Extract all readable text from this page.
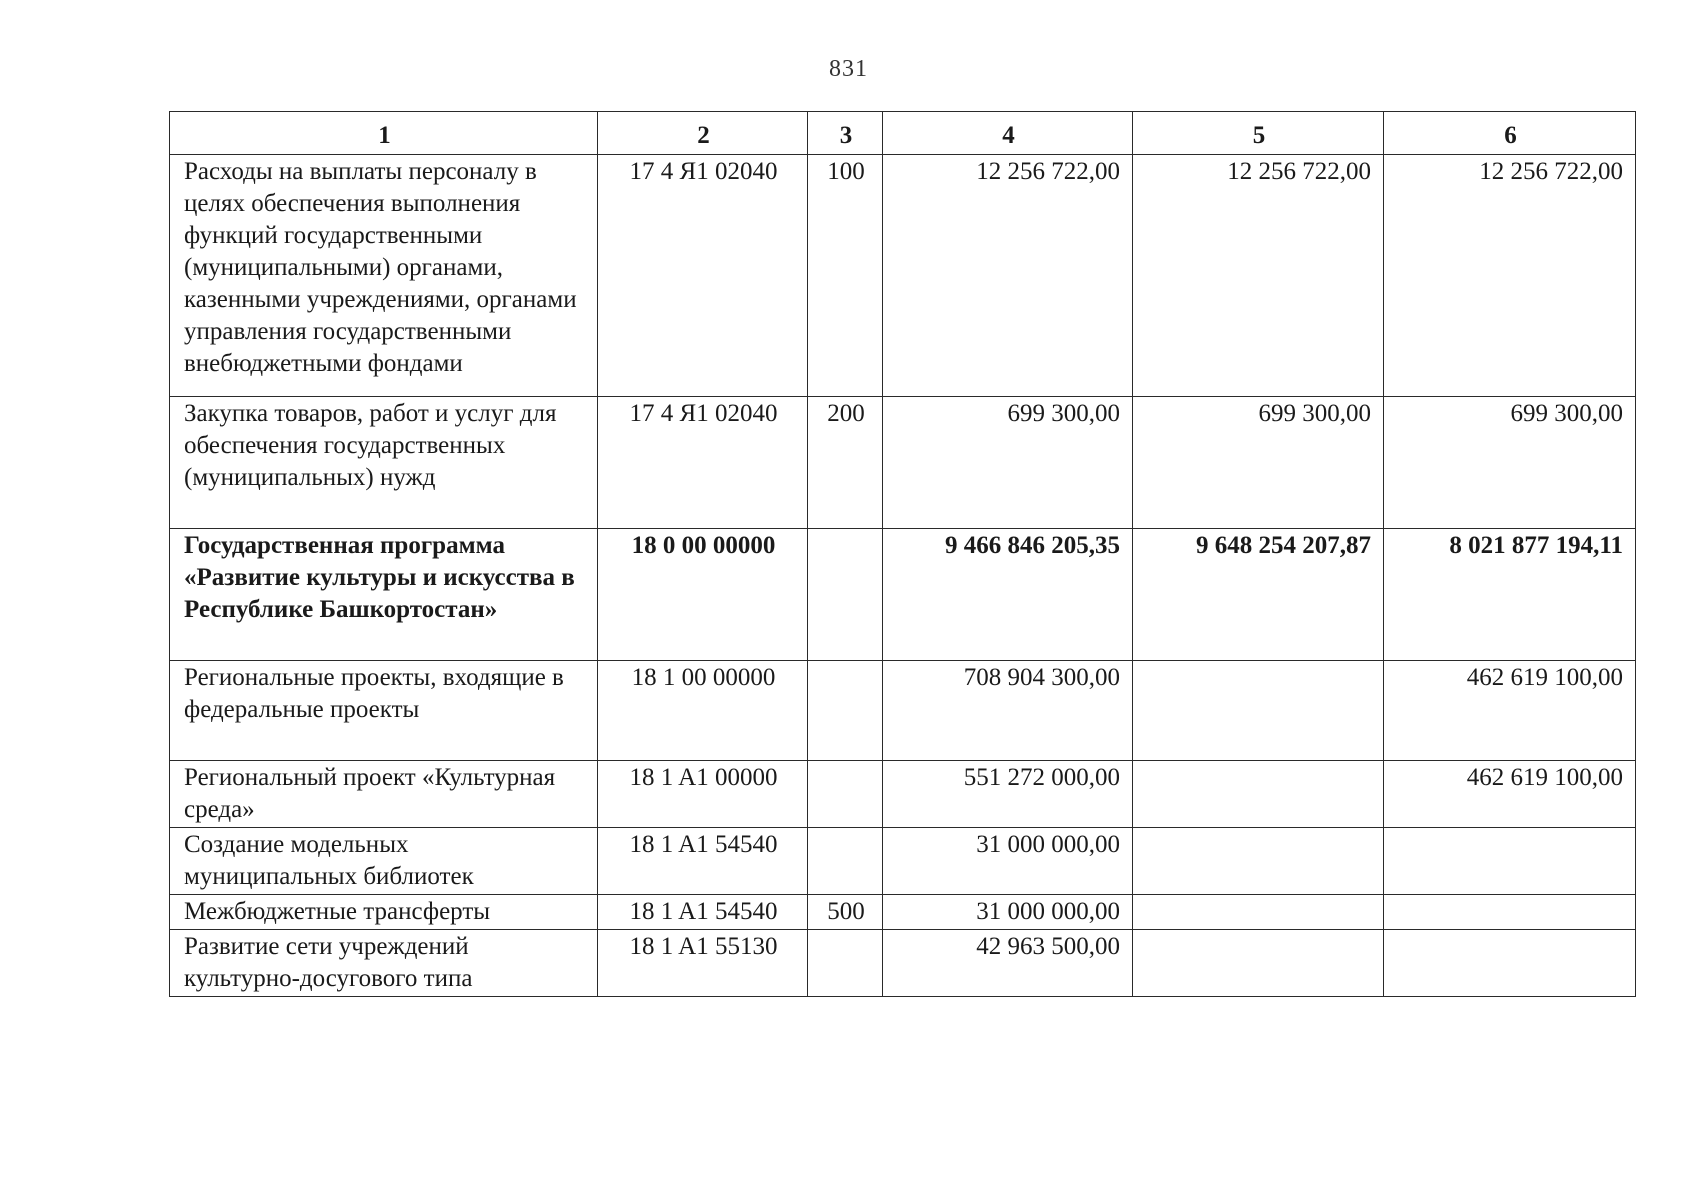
831
1	2	3	4	5	6
Расходы на выплаты персоналу в целях обеспечения выполнения функций государственными (муниципальными) органами, казенными учреждениями, органами управления государственными внебюджетными фондами	17 4 Я1 02040	100	12 256 722,00	12 256 722,00	12 256 722,00
Закупка товаров, работ и услуг для обеспечения государственных (муниципальных) нужд	17 4 Я1 02040	200	699 300,00	699 300,00	699 300,00
Государственная программа «Развитие культуры и искусства в Республике Башкортостан»	18 0 00 00000		9 466 846 205,35	9 648 254 207,87	8 021 877 194,11
Региональные проекты, входящие в федеральные проекты	18 1 00 00000		708 904 300,00		462 619 100,00
Региональный проект «Культурная среда»	18 1 A1 00000		551 272 000,00		462 619 100,00
Создание модельных муниципальных библиотек	18 1 A1 54540		31 000 000,00		
Межбюджетные трансферты	18 1 A1 54540	500	31 000 000,00		
Развитие сети учреждений культурно-досугового типа	18 1 A1 55130		42 963 500,00		
